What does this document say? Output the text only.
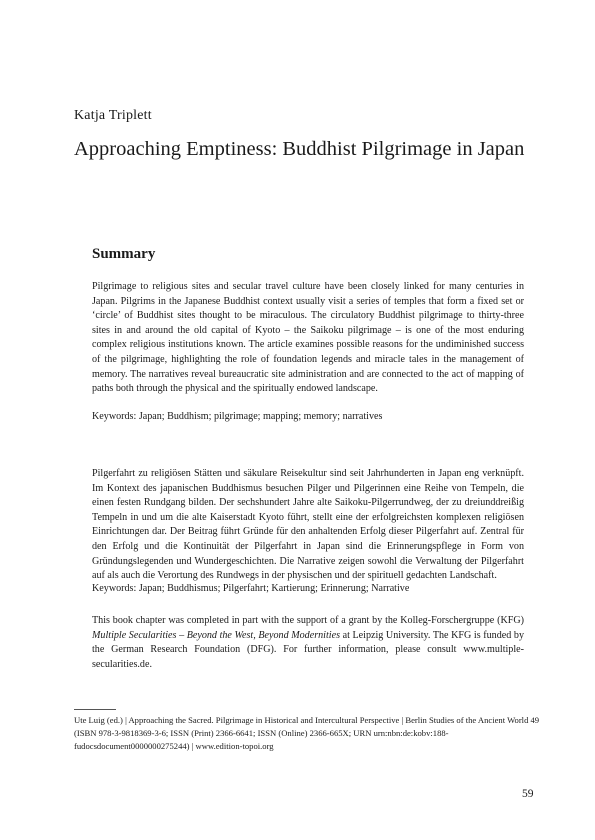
Katja Triplett
Approaching Emptiness: Buddhist Pilgrimage in Japan
Summary

Pilgrimage to religious sites and secular travel culture have been closely linked for many centuries in Japan. Pilgrims in the Japanese Buddhist context usually visit a series of temples that form a fixed set or ‘circle’ of Buddhist sites thought to be miraculous. The circulatory Buddhist pilgrimage to thirty-three sites in and around the old capital of Kyoto – the Saikoku pilgrimage – is one of the most enduring complex religious institutions known. The article examines possible reasons for the undiminished success of the pilgrimage, highlighting the role of foundation legends and miracle tales in the management of memory. The narratives reveal bureaucratic site administration and are connected to the act of mapping of paths both through the physical and the spiritually endowed landscape.

Keywords: Japan; Buddhism; pilgrimage; mapping; memory; narratives

Pilgerfahrt zu religiösen Stätten und säkulare Reisekultur sind seit Jahrhunderten in Japan eng verknüpft. Im Kontext des japanischen Buddhismus besuchen Pilger und Pilgerinnen eine Reihe von Tempeln, die einen festen Rundgang bilden. Der sechshundert Jahre alte Saikoku-Pilgerrundweg, der zu dreiunddreißig Tempeln in und um die alte Kaiserstadt Kyoto führt, stellt eine der erfolgreichsten komplexen religiösen Einrichtungen dar. Der Beitrag führt Gründe für den anhaltenden Erfolg dieser Pilgerfahrt auf. Zentral für den Erfolg und die Kontinuität der Pilgerfahrt in Japan sind die Erinnerungspflege in Form von Gründungslegenden und Wundergeschichten. Die Narrative zeigen sowohl die Verwaltung der Pilgerfahrt auf als auch die Verortung des Rundwegs in der physischen und der spirituell gedachten Landschaft.

Keywords: Japan; Buddhismus; Pilgerfahrt; Kartierung; Erinnerung; Narrative

This book chapter was completed in part with the support of a grant by the Kolleg-Forschergruppe (KFG) Multiple Secularities – Beyond the West, Beyond Modernities at Leipzig University. The KFG is funded by the German Research Foundation (DFG). For further information, please consult www.multiple-secularities.de.

Ute Luig (ed.) | Approaching the Sacred. Pilgrimage in Historical and Intercultural Perspective | Berlin Studies of the Ancient World 49 (ISBN 978-3-9818369-3-6; ISSN (Print) 2366-6641; ISSN (Online) 2366-665X; URN urn:nbn:de:kobv:188-fudocsdocument0000000275244) | www.edition-topoi.org

59
